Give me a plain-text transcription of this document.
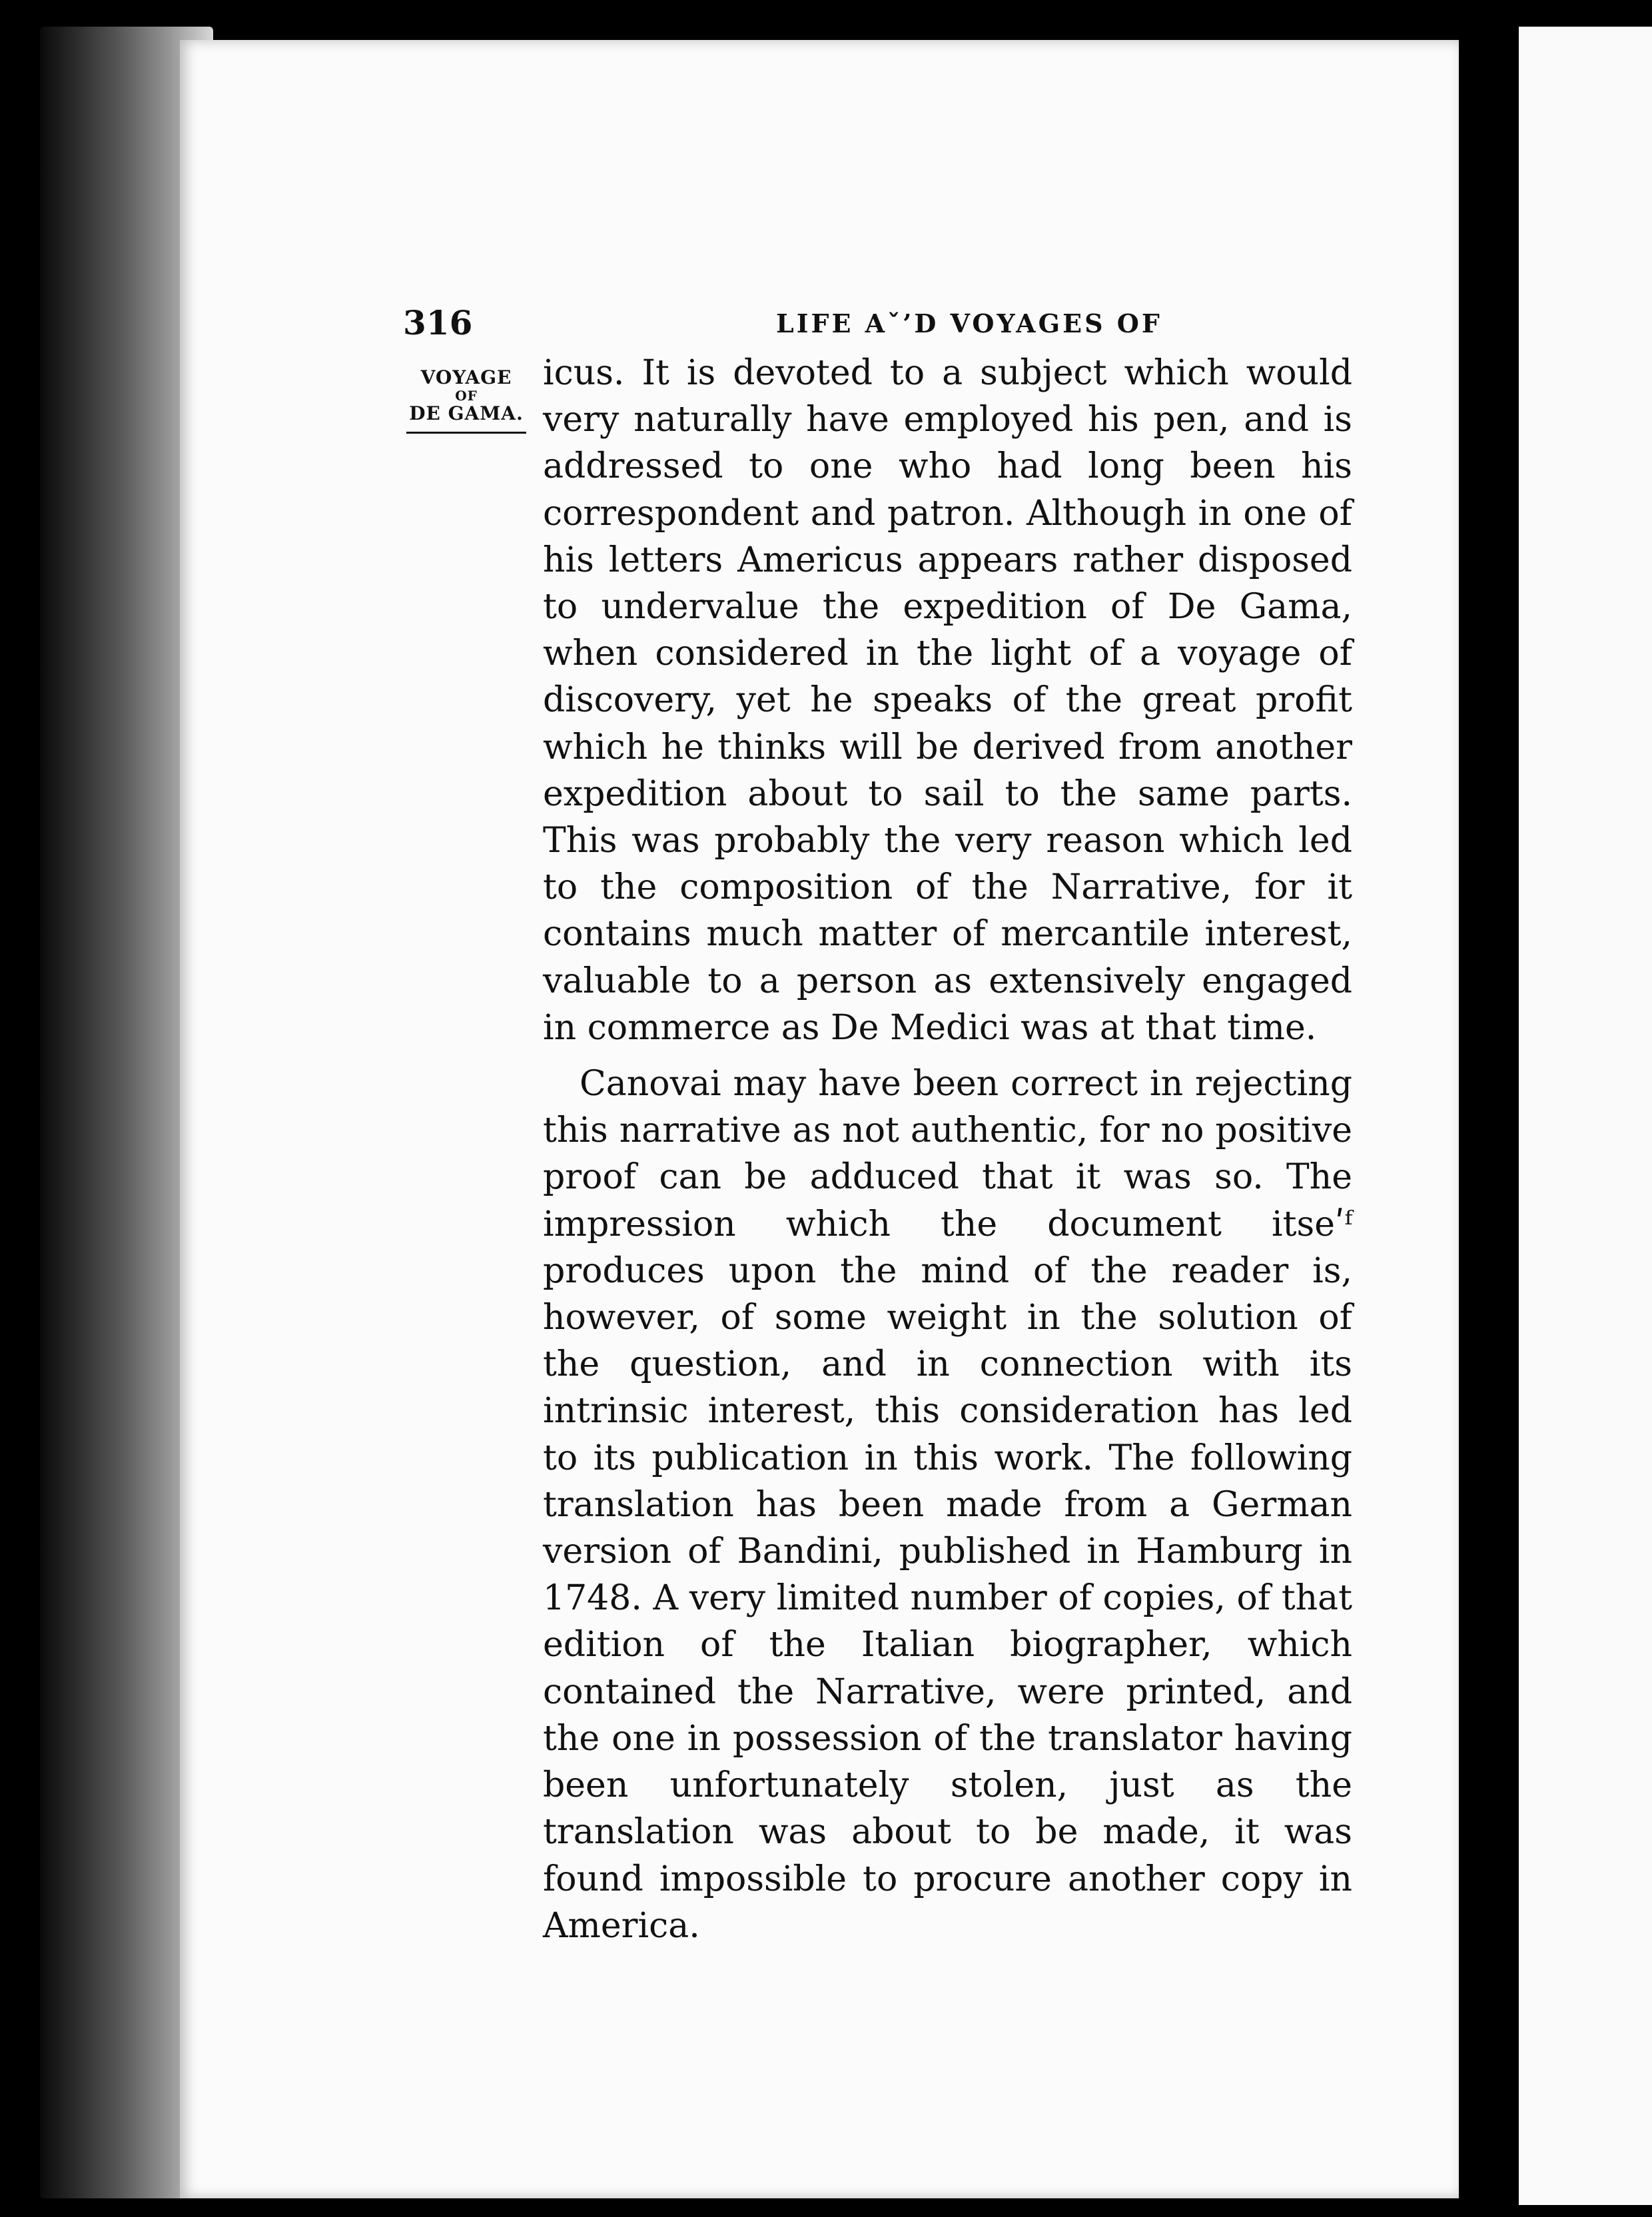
316	LIFE Aˇ’D VOYAGES OF
VOYAGE
OF
DE GAMA.

icus. It is devoted to a subject which would very naturally have employed his pen, and is addressed to one who had long been his correspondent and patron. Although in one of his letters Americus appears rather disposed to undervalue the expedition of De Gama, when considered in the light of a voyage of discovery, yet he speaks of the great profit which he thinks will be derived from another expedition about to sail to the same parts. This was probably the very reason which led to the composition of the Narrative, for it contains much matter of mercantile interest, valuable to a person as extensively engaged in commerce as De Medici was at that time.

Canovai may have been correct in rejecting this narrative as not authentic, for no positive proof can be adduced that it was so. The impression which the document itseʹᶠ produces upon the mind of the reader is, however, of some weight in the solution of the question, and in connection with its intrinsic interest, this consideration has led to its publication in this work. The following translation has been made from a German version of Bandini, published in Hamburg in 1748. A very limited number of copies, of that edition of the Italian biographer, which contained the Narrative, were printed, and the one in possession of the translator having been unfortunately stolen, just as the translation was about to be made, it was found impossible to procure another copy in America.
